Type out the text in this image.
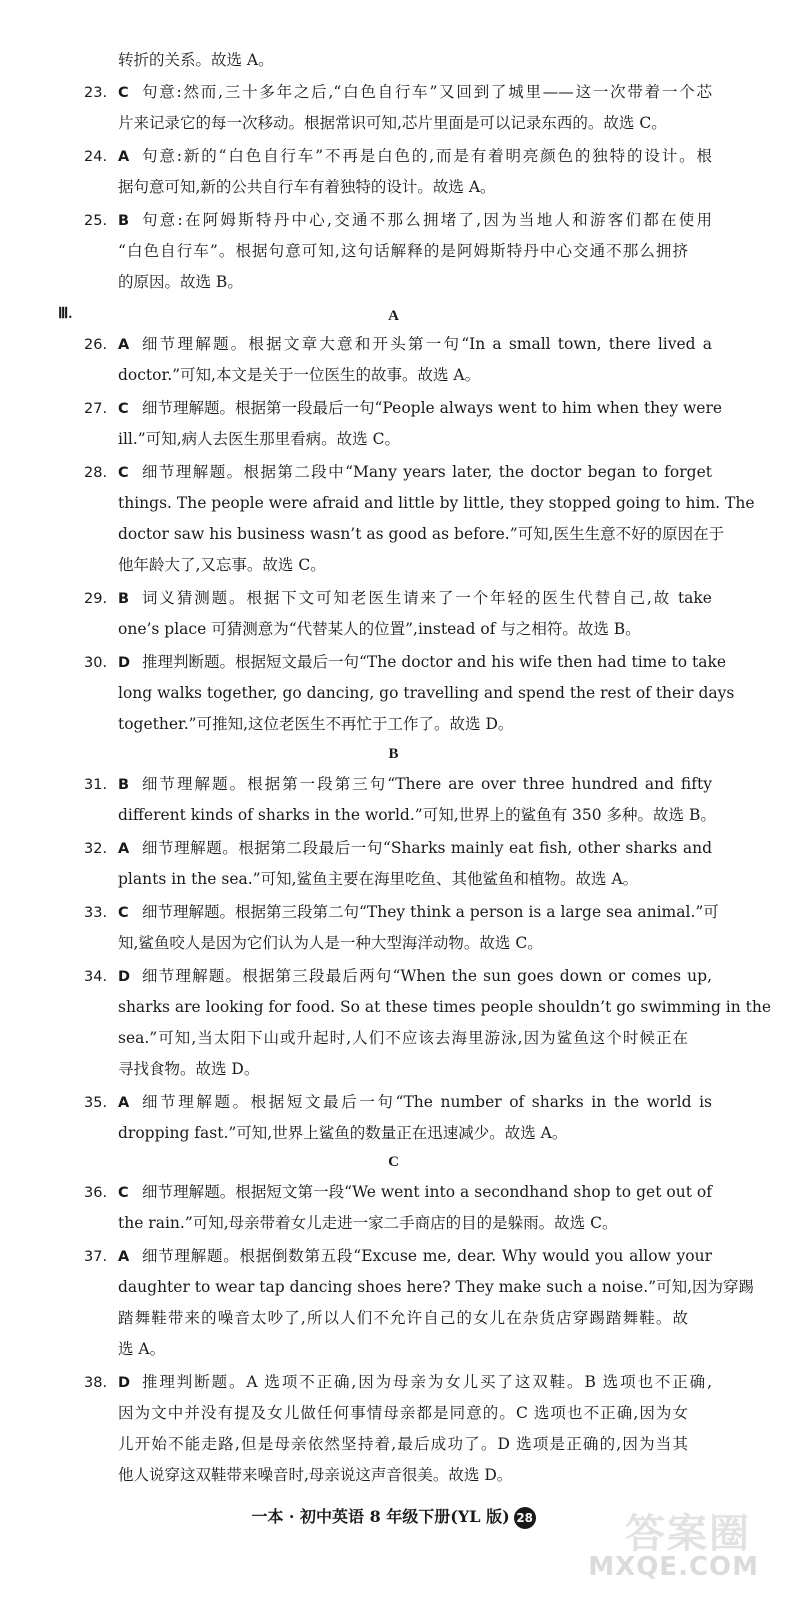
转折的关系。故选 A。
23. C 句意:然而,三十多年之后,“白色自行车”又回到了城里——这一次带着一个芯
片来记录它的每一次移动。根据常识可知,芯片里面是可以记录东西的。故选 C。
24. A 句意:新的“白色自行车”不再是白色的,而是有着明亮颜色的独特的设计。根
据句意可知,新的公共自行车有着独特的设计。故选 A。
25. B 句意:在阿姆斯特丹中心,交通不那么拥堵了,因为当地人和游客们都在使用
“白色自行车”。根据句意可知,这句话解释的是阿姆斯特丹中心交通不那么拥挤
的原因。故选 B。
Ⅲ.	A
26. A 细节理解题。根据文章大意和开头第一句“In a small town, there lived a
doctor.”可知,本文是关于一位医生的故事。故选 A。
27. C 细节理解题。根据第一段最后一句“People always went to him when they were
ill.”可知,病人去医生那里看病。故选 C。
28. C 细节理解题。根据第二段中“Many years later, the doctor began to forget
things. The people were afraid and little by little, they stopped going to him. The
doctor saw his business wasn’t as good as before.”可知,医生生意不好的原因在于
他年龄大了,又忘事。故选 C。
29. B 词义猜测题。根据下文可知老医生请来了一个年轻的医生代替自己,故 take
one’s place 可猜测意为“代替某人的位置”,instead of 与之相符。故选 B。
30. D 推理判断题。根据短文最后一句“The doctor and his wife then had time to take
long walks together, go dancing, go travelling and spend the rest of their days
together.”可推知,这位老医生不再忙于工作了。故选 D。
B
31. B 细节理解题。根据第一段第三句“There are over three hundred and fifty
different kinds of sharks in the world.”可知,世界上的鲨鱼有 350 多种。故选 B。
32. A 细节理解题。根据第二段最后一句“Sharks mainly eat fish, other sharks and
plants in the sea.”可知,鲨鱼主要在海里吃鱼、其他鲨鱼和植物。故选 A。
33. C 细节理解题。根据第三段第二句“They think a person is a large sea animal.”可
知,鲨鱼咬人是因为它们认为人是一种大型海洋动物。故选 C。
34. D 细节理解题。根据第三段最后两句“When the sun goes down or comes up,
sharks are looking for food. So at these times people shouldn’t go swimming in the
sea.”可知,当太阳下山或升起时,人们不应该去海里游泳,因为鲨鱼这个时候正在
寻找食物。故选 D。
35. A 细节理解题。根据短文最后一句“The number of sharks in the world is
dropping fast.”可知,世界上鲨鱼的数量正在迅速减少。故选 A。
C
36. C 细节理解题。根据短文第一段“We went into a secondhand shop to get out of
the rain.”可知,母亲带着女儿走进一家二手商店的目的是躲雨。故选 C。
37. A 细节理解题。根据倒数第五段“Excuse me, dear. Why would you allow your
daughter to wear tap dancing shoes here? They make such a noise.”可知,因为穿踢
踏舞鞋带来的噪音太吵了,所以人们不允许自己的女儿在杂货店穿踢踏舞鞋。故
选 A。
38. D 推理判断题。A 选项不正确,因为母亲为女儿买了这双鞋。B 选项也不正确,
因为文中并没有提及女儿做任何事情母亲都是同意的。C 选项也不正确,因为女
儿开始不能走路,但是母亲依然坚持着,最后成功了。D 选项是正确的,因为当其
他人说穿这双鞋带来噪音时,母亲说这声音很美。故选 D。
一本 · 初中英语 8 年级下册(YL 版) 28	答案圈
MXQE.COM
